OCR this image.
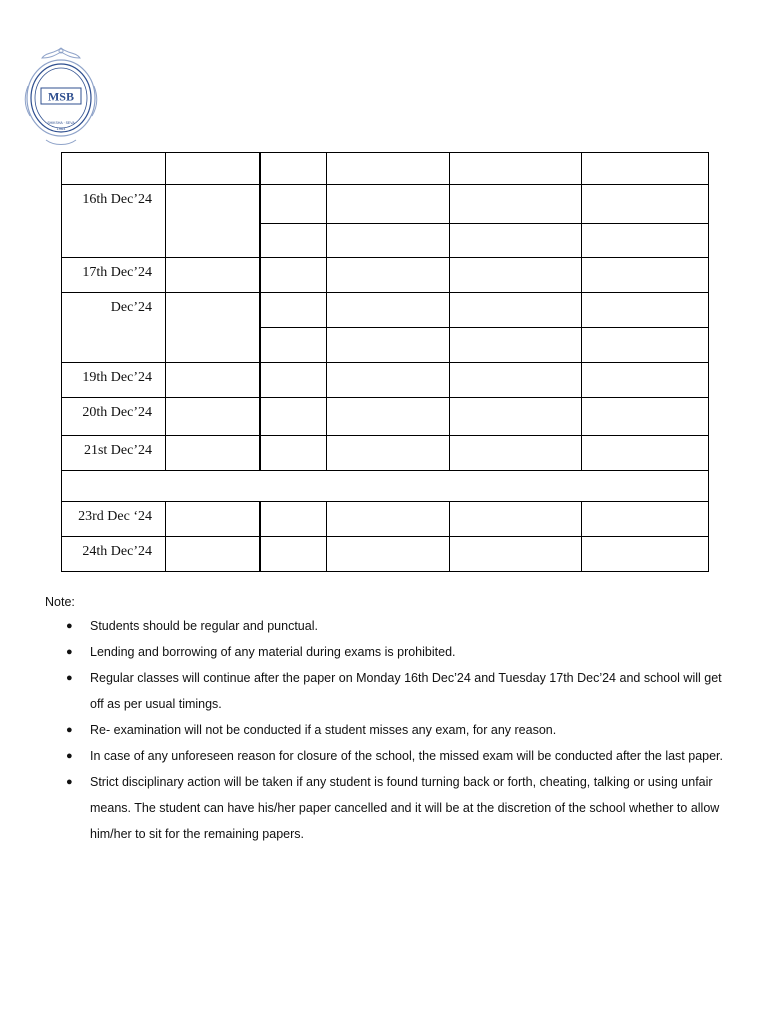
MSB
SHIKSHA · SEVA
1964

16th Dec’24					

17th Dec’24					
Dec’24					

19th Dec’24					
20th Dec’24					
21st Dec’24					

23rd Dec ‘24					
24th Dec’24					
Note:
● Students should be regular and punctual.
● Lending and borrowing of any material during exams is prohibited.
● Regular classes will continue after the paper on Monday 16th Dec’24 and Tuesday 17th Dec’24 and school will get off as per usual timings.
● Re- examination will not be conducted if a student misses any exam, for any reason.
● In case of any unforeseen reason for closure of the school, the missed exam will be conducted after the last paper.
● Strict disciplinary action will be taken if any student is found turning back or forth, cheating, talking or using unfair means. The student can have his/her paper cancelled and it will be at the discretion of the school whether to allow him/her to sit for the remaining papers.
